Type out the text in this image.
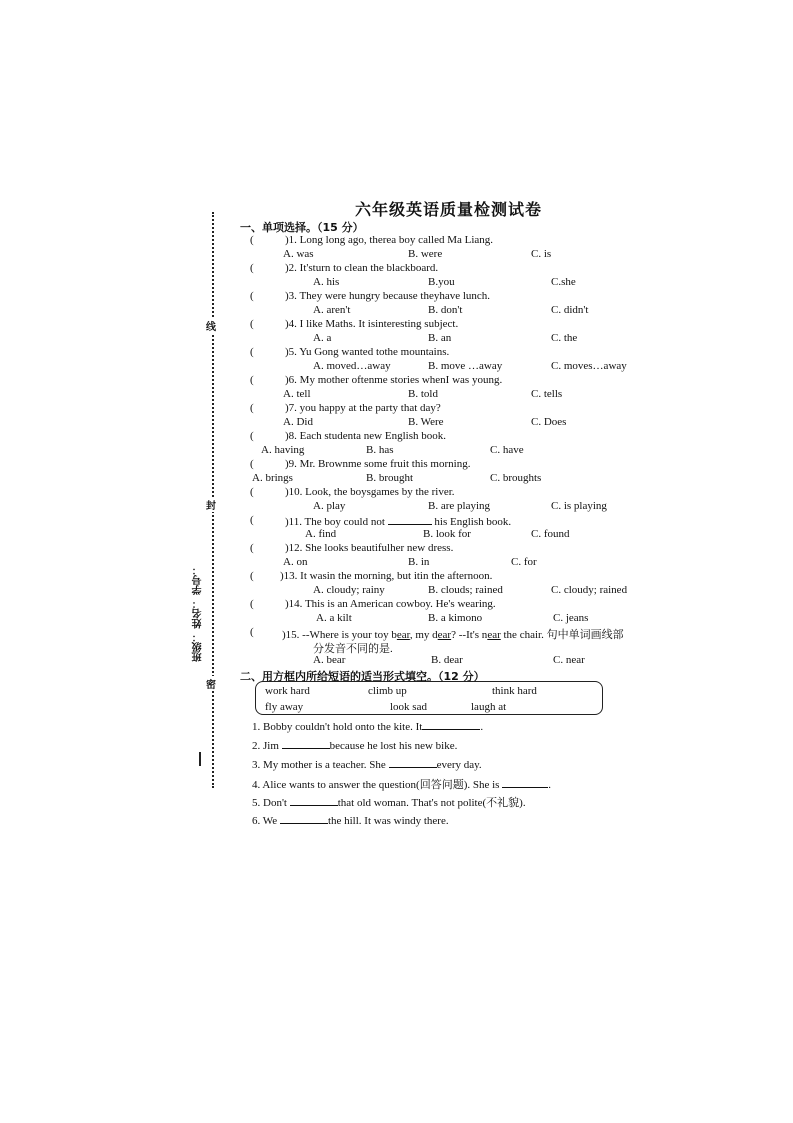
线
封
密
班级： 姓名： 学号：
六年级英语质量检测试卷
一、单项选择。（15 分）
(	)1. Long long ago, therea boy called Ma Liang.
A. was	B. were	C. is
(	)2. It'sturn to clean the blackboard.
A. his	B.you	C.she
(	)3. They were hungry because theyhave lunch.
A. aren't	B. don't	C. didn't
(	)4. I like Maths. It isinteresting subject.
A. a	B. an	C. the
(	)5. Yu Gong wanted tothe mountains.
A. moved…away	B. move …away	C. moves…away
(	)6. My mother oftenme stories whenI was young.
A. tell	B. told	C. tells
(	)7. you happy at the party that day?
A. Did	B. Were	C. Does
(	)8. Each studenta new English book.
A. having	B. has	C. have
(	)9. Mr. Brownme some fruit this morning.
A. brings	B. brought	C. broughts
(	)10. Look, the boysgames by the river.
A. play	B. are playing	C. is playing
(	)11. The boy could not	his English book.
A. find	B. look for	C. found
(	)12. She looks beautifulher new dress.
A. on	B. in	C. for
( )13. It wasin the morning, but itin the afternoon.
A. cloudy; rainy	B. clouds; rained	C. cloudy; rained
(	)14. This is an American cowboy. He's wearing.
A. a kilt	B. a kimono	C. jeans
(	)15. --Where is your toy bear, my dear? --It's near the chair. 句中单词画线部
分发音不同的是.
A. bear	B. dear	C. near
二、用方框内所给短语的适当形式填空。（12 分）
work hard	climb up	think hard
fly away	look sad	laugh at
1. Bobby couldn't hold onto the kite. It	.
2. Jim	because he lost his new bike.
3. My mother is a teacher. She	every day.
4. Alice wants to answer the question(回答问题). She is	.
5. Don't	that old woman. That's not polite(不礼貌).
6. We	the hill. It was windy there.
